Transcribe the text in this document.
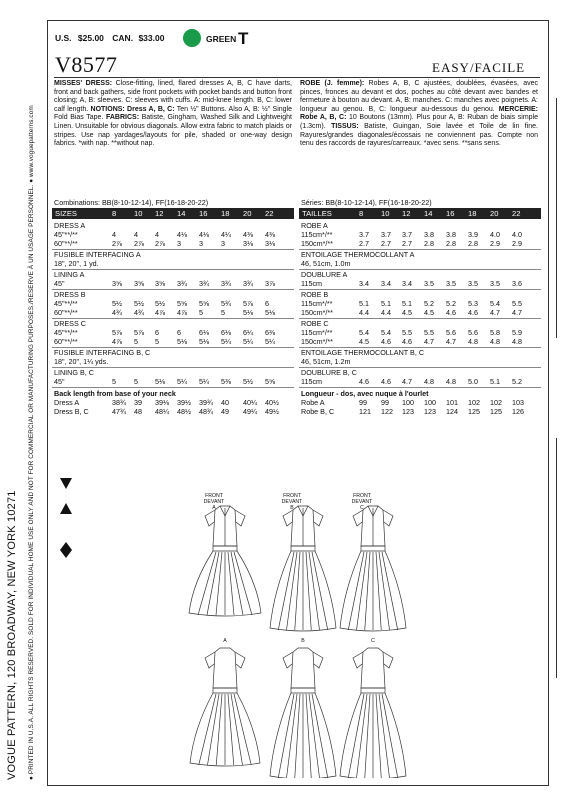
VOGUE PATTERN, 120 BROADWAY, NEW YORK 10271 ● PRINTED IN U.S.A. ALL RIGHTS RESERVED. SOLD FOR INDIVIDUAL HOME USE ONLY AND NOT FOR COMMERCIAL OR MANUFACTURING PURPOSES./RESERVE À UN USAGE PERSONNEL. ● www.voguepatterns.com
U.S. $25.00 CAN. $33.00	GREEN T
V8577	EASY/FACILE
MISSES' DRESS: Close-fitting, lined, flared dresses A, B, C have darts, front and back gathers, side front pockets with pocket bands and button front closing; A, B: sleeves. C: sleeves with cuffs. A: mid-knee length. B, C: lower calf length. NOTIONS: Dress A, B, C: Ten ½" Buttons. Also A, B: ½" Single Fold Bias Tape. FABRICS: Batiste, Gingham, Washed Silk and Lightweight Linen. Unsuitable for obvious diagonals. Allow extra fabric to match plaids or stripes. Use nap yardages/layouts for pile, shaded or one-way design fabrics. *with nap. **without nap.
ROBE (J. femme): Robes A, B, C ajustées, doublées, évasées, avec pinces, fronces au devant et dos, poches au côté devant avec bandes et fermeture à bouton au devant. A, B: manches. C: manches avec poignets. A: longueur au genou. B, C: longueur au-dessous du genou. MERCERIE: Robe A, B, C: 10 Boutons (13mm). Plus pour A, B: Ruban de biais simple (1.3cm). TISSUS: Batiste, Guingan, Soie lavée et Toile de lin fine. Rayures/grandes diagonales/écossais ne conviennent pas. Compte non tenu des raccords de rayures/carreaux. *avec sens. **sans sens.
Combinations: BB(8-10-12-14), FF(16-18-20-22)
SIZES	8 10 12 14 16 18 20 22
DRESS A
45"**/**	4	4 4	4⅛ 4⅛ 4¼ 4⅜ 4⅜
60"**/**	2⅞ 2⅞ 2⅞ 3	3	3	3⅛ 3⅛
FUSIBLE INTERFACING A
18", 20", 1 yd.
LINING A
45"	3⅝ 3⅝ 3⅝ 3¾ 3¾ 3¾ 3¾ 3⅞
DRESS B
45"**/**	5½ 5½ 5½ 5⅝ 5⅝ 5¾ 5⅞ 6
60"**/**	4¾ 4¾ 4⅞ 4⅞ 5	5	5⅛ 5⅛
DRESS C
45"**/**	5⅞ 5⅞ 6	6	6⅛ 6⅛ 6¼ 6⅜
60"**/**	4⅞ 5 5	5⅛ 5⅛ 5¼ 5¼ 5¼
FUSIBLE INTERFACING B, C
18", 20", 1¼ yds.
LINING B, C
45"	5	5 5⅛ 5¼ 5¼ 5⅜ 5½ 5⅝
Back length from base of your neck
Dress A	38¾ 39 39⅛ 39½ 39¾ 40 40¼ 40½
Dress B, C	47¾ 48 48¼ 48½ 48¾ 49 49¼ 49½
Séries: BB(8-10-12-14), FF(16-18-20-22)
TAILLES	8 10 12 14 16 18 20 22
ROBE A
115cm*/**	3.7 3.7 3.7 3.8 3.8 3.9 4.0 4.0
150cm*/**	2.7 2.7 2.7 2.8 2.8 2.8 2.9 2.9
ENTOILAGE THERMOCOLLANT A
46, 51cm, 1.0m
DOUBLURE A
115cm	3.4 3.4 3.4 3.5 3.5 3.5 3.5 3.6
ROBE B
115cm*/**	5.1 5.1 5.1 5.2 5.2 5.3 5.4 5.5
150cm*/**	4.4 4.4 4.5 4.5 4.6 4.6 4.7 4.7
ROBE C
115cm*/**	5.4 5.4 5.5 5.5 5.6 5.6 5.8 5.9
150cm*/**	4.5 4.6 4.6 4.7 4.7 4.8 4.8 4.8
ENTOILAGE THERMOCOLLANT B, C
46, 51cm, 1.2m
DOUBLURE B, C
115cm	4.6 4.6 4.7 4.8 4.8 5.0 5.1 5.2
Longueur - dos, avec nuque à l'ourlet
Robe A	99 99 100 100 101 102 102 103
Robe B, C	121 122 123 123 124 125 125 126
FRONT
DEVANT
A
FRONT
DEVANT
B
FRONT
DEVANT
C
A	B	C
